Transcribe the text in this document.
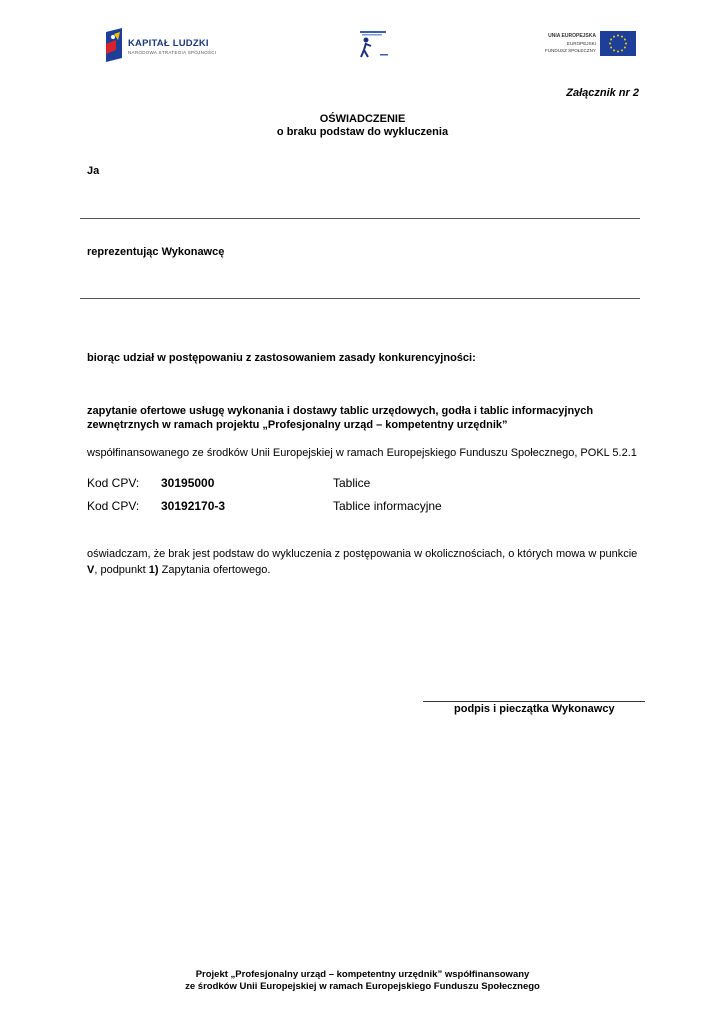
KAPITAŁ LUDZKI
NARODOWA STRATEGIA SPÓJNOŚCI
UNIA EUROPEJSKA
EUROPEJSKI
FUNDUSZ SPOŁECZNY
Załącznik nr 2
OŚWIADCZENIE
o braku podstaw do wykluczenia
Ja
reprezentując Wykonawcę
biorąc udział w postępowaniu z zastosowaniem zasady konkurencyjności:
zapytanie ofertowe usługę wykonania i dostawy tablic urzędowych, godła i tablic informacyjnych
zewnętrznych w ramach projektu „Profesjonalny urząd – kompetentny urzędnik”
współfinansowanego ze środków Unii Europejskiej w ramach Europejskiego Funduszu Społecznego, POKL 5.2.1
Kod CPV: 30195000	Tablice
Kod CPV: 30192170-3	Tablice informacyjne
oświadczam, że brak jest podstaw do wykluczenia z postępowania w okolicznościach, o których mowa w punkcie
V, podpunkt 1) Zapytania ofertowego.
podpis i pieczątka Wykonawcy
Projekt „Profesjonalny urząd – kompetentny urzędnik” współfinansowany
ze środków Unii Europejskiej w ramach Europejskiego Funduszu Społecznego
